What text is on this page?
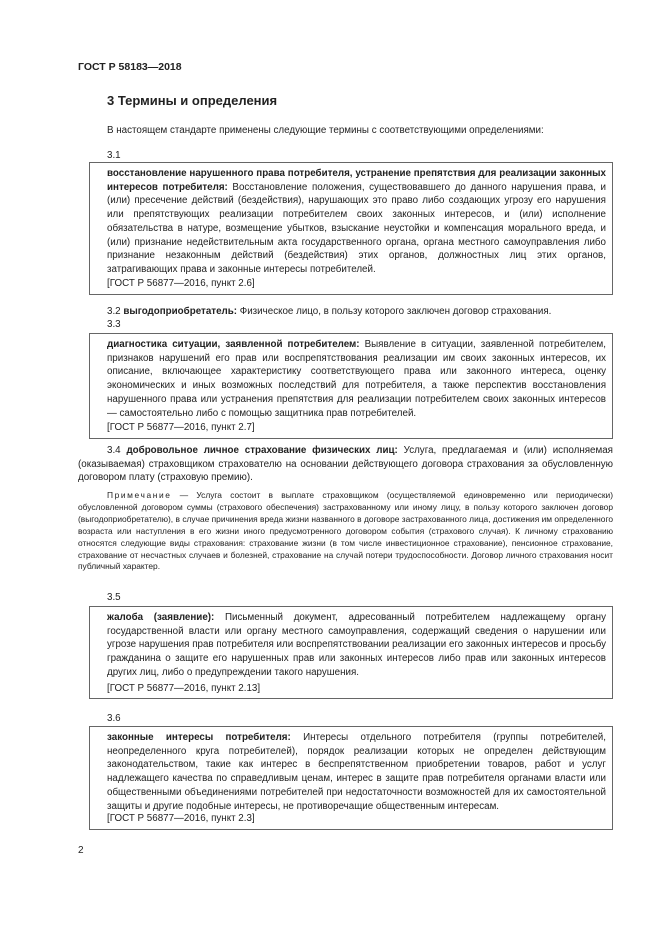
ГОСТ Р 58183—2018
3 Термины и определения
В настоящем стандарте применены следующие термины с соответствующими определениями:
3.1
восстановление нарушенного права потребителя, устранение препятствия для реализации законных интересов потребителя: Восстановление положения, существовавшего до данного нарушения права, и (или) пресечение действий (бездействия), нарушающих это право либо создающих угрозу его нарушения или препятствующих реализации потребителем своих законных интересов, и (или) исполнение обязательства в натуре, возмещение убытков, взыскание неустойки и компенсация морального вреда, и (или) признание недействительным акта государственного органа, органа местного самоуправления либо признание незаконным действий (бездействия) этих органов, должностных лиц этих органов, затрагивающих права и законные интересы потребителей.
[ГОСТ Р 56877—2016, пункт 2.6]
3.2 выгодоприобретатель: Физическое лицо, в пользу которого заключен договор страхования.
3.3
диагностика ситуации, заявленной потребителем: Выявление в ситуации, заявленной потребителем, признаков нарушений его прав или воспрепятствования реализации им своих законных интересов, их описание, включающее характеристику соответствующего права или законного интереса, оценку экономических и иных возможных последствий для потребителя, а также перспектив восстановления нарушенного права или устранения препятствия для реализации потребителем своих законных интересов — самостоятельно либо с помощью защитника прав потребителей.
[ГОСТ Р 56877—2016, пункт 2.7]
3.4 добровольное личное страхование физических лиц: Услуга, предлагаемая и (или) исполняемая (оказываемая) страховщиком страхователю на основании действующего договора страхования за обусловленную договором плату (страховую премию).
Примечание — Услуга состоит в выплате страховщиком (осуществляемой единовременно или периодически) обусловленной договором суммы (страхового обеспечения) застрахованному или иному лицу, в пользу которого заключен договор (выгодоприобретателю), в случае причинения вреда жизни названного в договоре застрахованного лица, достижения им определенного возраста или наступления в его жизни иного предусмотренного договором события (страхового случая). К личному страхованию относятся следующие виды страхования: страхование жизни (в том числе инвестиционное страхование), пенсионное страхование, страхование от несчастных случаев и болезней, страхование на случай потери трудоспособности. Договор личного страхования носит публичный характер.
3.5
жалоба (заявление): Письменный документ, адресованный потребителем надлежащему органу государственной власти или органу местного самоуправления, содержащий сведения о нарушении или угрозе нарушения прав потребителя или воспрепятствовании реализации его законных интересов и просьбу гражданина о защите его нарушенных прав или законных интересов либо прав или законных интересов других лиц, либо о предупреждении такого нарушения.
[ГОСТ Р 56877—2016, пункт 2.13]
3.6
законные интересы потребителя: Интересы отдельного потребителя (группы потребителей, неопределенного круга потребителей), порядок реализации которых не определен действующим законодательством, такие как интерес в беспрепятственном приобретении товаров, работ и услуг надлежащего качества по справедливым ценам, интерес в защите прав потребителя органами власти или общественными объединениями потребителей при недостаточности возможностей для их самостоятельной защиты и другие подобные интересы, не противоречащие общественным интересам.
[ГОСТ Р 56877—2016, пункт 2.3]
2
